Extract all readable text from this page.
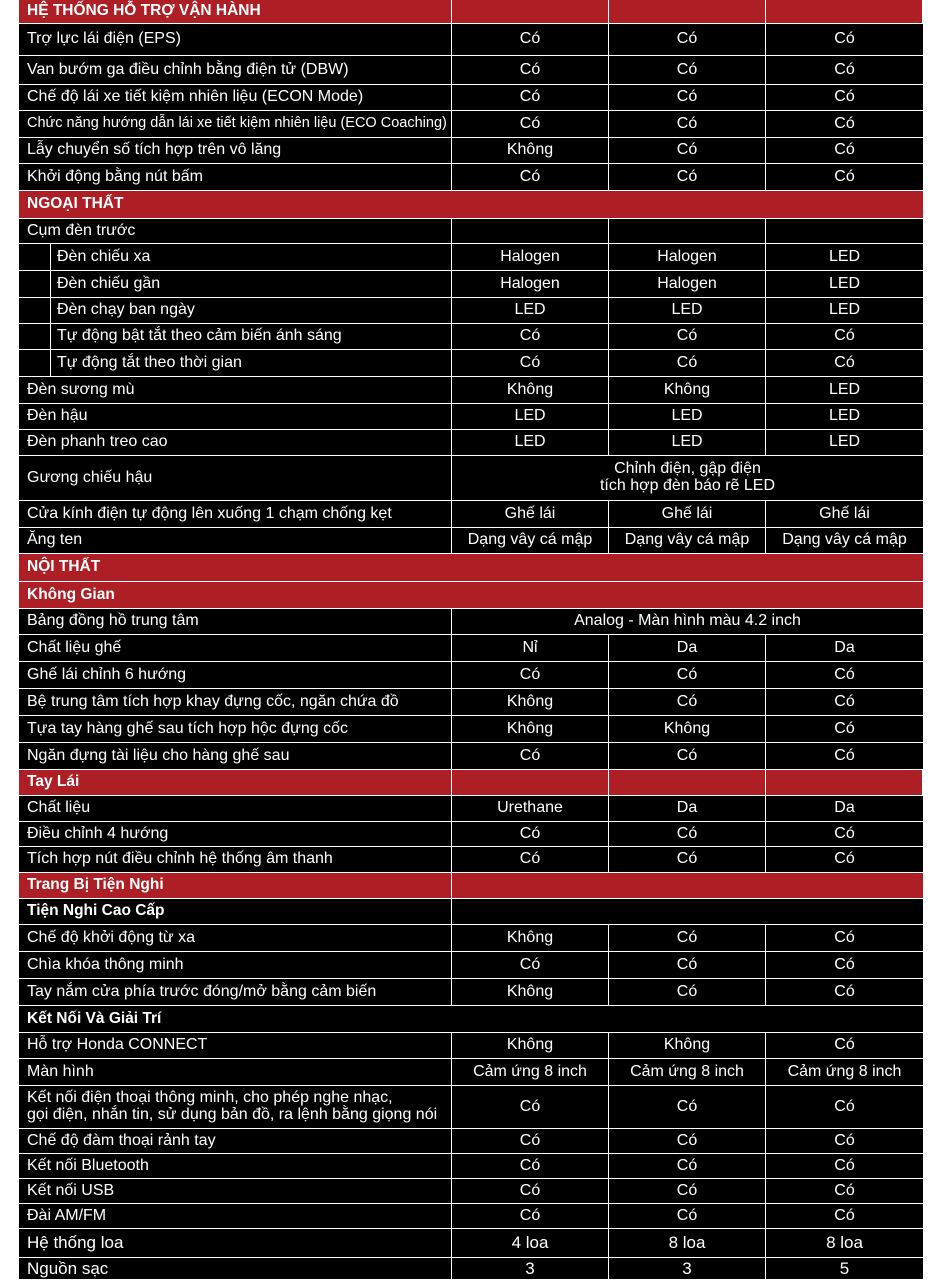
HỆ THỐNG HỖ TRỢ VẬN HÀNH
Trợ lực lái điện (EPS)	Có	Có	Có
Van bướm ga điều chỉnh bằng điện tử (DBW)	Có	Có	Có
Chế độ lái xe tiết kiệm nhiên liệu (ECON Mode)	Có	Có	Có
Chức năng hướng dẫn lái xe tiết kiệm nhiên liệu (ECO Coaching)	Có	Có	Có
Lẫy chuyển số tích hợp trên vô lăng	Không	Có	Có
Khởi động bằng nút bấm	Có	Có	Có
NGOẠI THẤT
Cụm đèn trước
Đèn chiếu xa	Halogen	Halogen	LED
Đèn chiếu gần	Halogen	Halogen	LED
Đèn chạy ban ngày	LED	LED	LED
Tự động bật tắt theo cảm biến ánh sáng	Có	Có	Có
Tự động tắt theo thời gian	Có	Có	Có
Đèn sương mù	Không	Không	LED
Đèn hậu	LED	LED	LED
Đèn phanh treo cao	LED	LED	LED
Gương chiếu hậu	Chỉnh điện, gập điện
tích hợp đèn báo rẽ LED
Cửa kính điện tự động lên xuống 1 chạm chống kẹt	Ghế lái	Ghế lái	Ghế lái
Ăng ten	Dạng vây cá mập	Dạng vây cá mập	Dạng vây cá mập
NỘI THẤT
Không Gian
Bảng đồng hồ trung tâm	Analog - Màn hình màu 4.2 inch
Chất liệu ghế	Nỉ	Da	Da
Ghế lái chỉnh 6 hướng	Có	Có	Có
Bệ trung tâm tích hợp khay đựng cốc, ngăn chứa đồ	Không	Có	Có
Tựa tay hàng ghế sau tích hợp hộc đựng cốc	Không	Không	Có
Ngăn đựng tài liệu cho hàng ghế sau	Có	Có	Có
Tay Lái
Chất liệu	Urethane	Da	Da
Điều chỉnh 4 hướng	Có	Có	Có
Tích hợp nút điều chỉnh hệ thống âm thanh	Có	Có	Có
Trang Bị Tiện Nghi
Tiện Nghi Cao Cấp
Chế độ khởi động từ xa	Không	Có	Có
Chìa khóa thông minh	Có	Có	Có
Tay nắm cửa phía trước đóng/mở bằng cảm biến	Không	Có	Có
Kết Nối Và Giải Trí
Hỗ trợ Honda CONNECT	Không	Không	Có
Màn hình	Cảm ứng 8 inch	Cảm ứng 8 inch	Cảm ứng 8 inch
Kết nối điện thoại thông minh, cho phép nghe nhạc,
gọi điện, nhắn tin, sử dụng bản đồ, ra lệnh bằng giọng nói	Có	Có	Có
Chế độ đàm thoại rảnh tay	Có	Có	Có
Kết nối Bluetooth	Có	Có	Có
Kết nối USB	Có	Có	Có
Đài AM/FM	Có	Có	Có
Hệ thống loa	4 loa	8 loa	8 loa
Nguồn sạc	3	3	5
